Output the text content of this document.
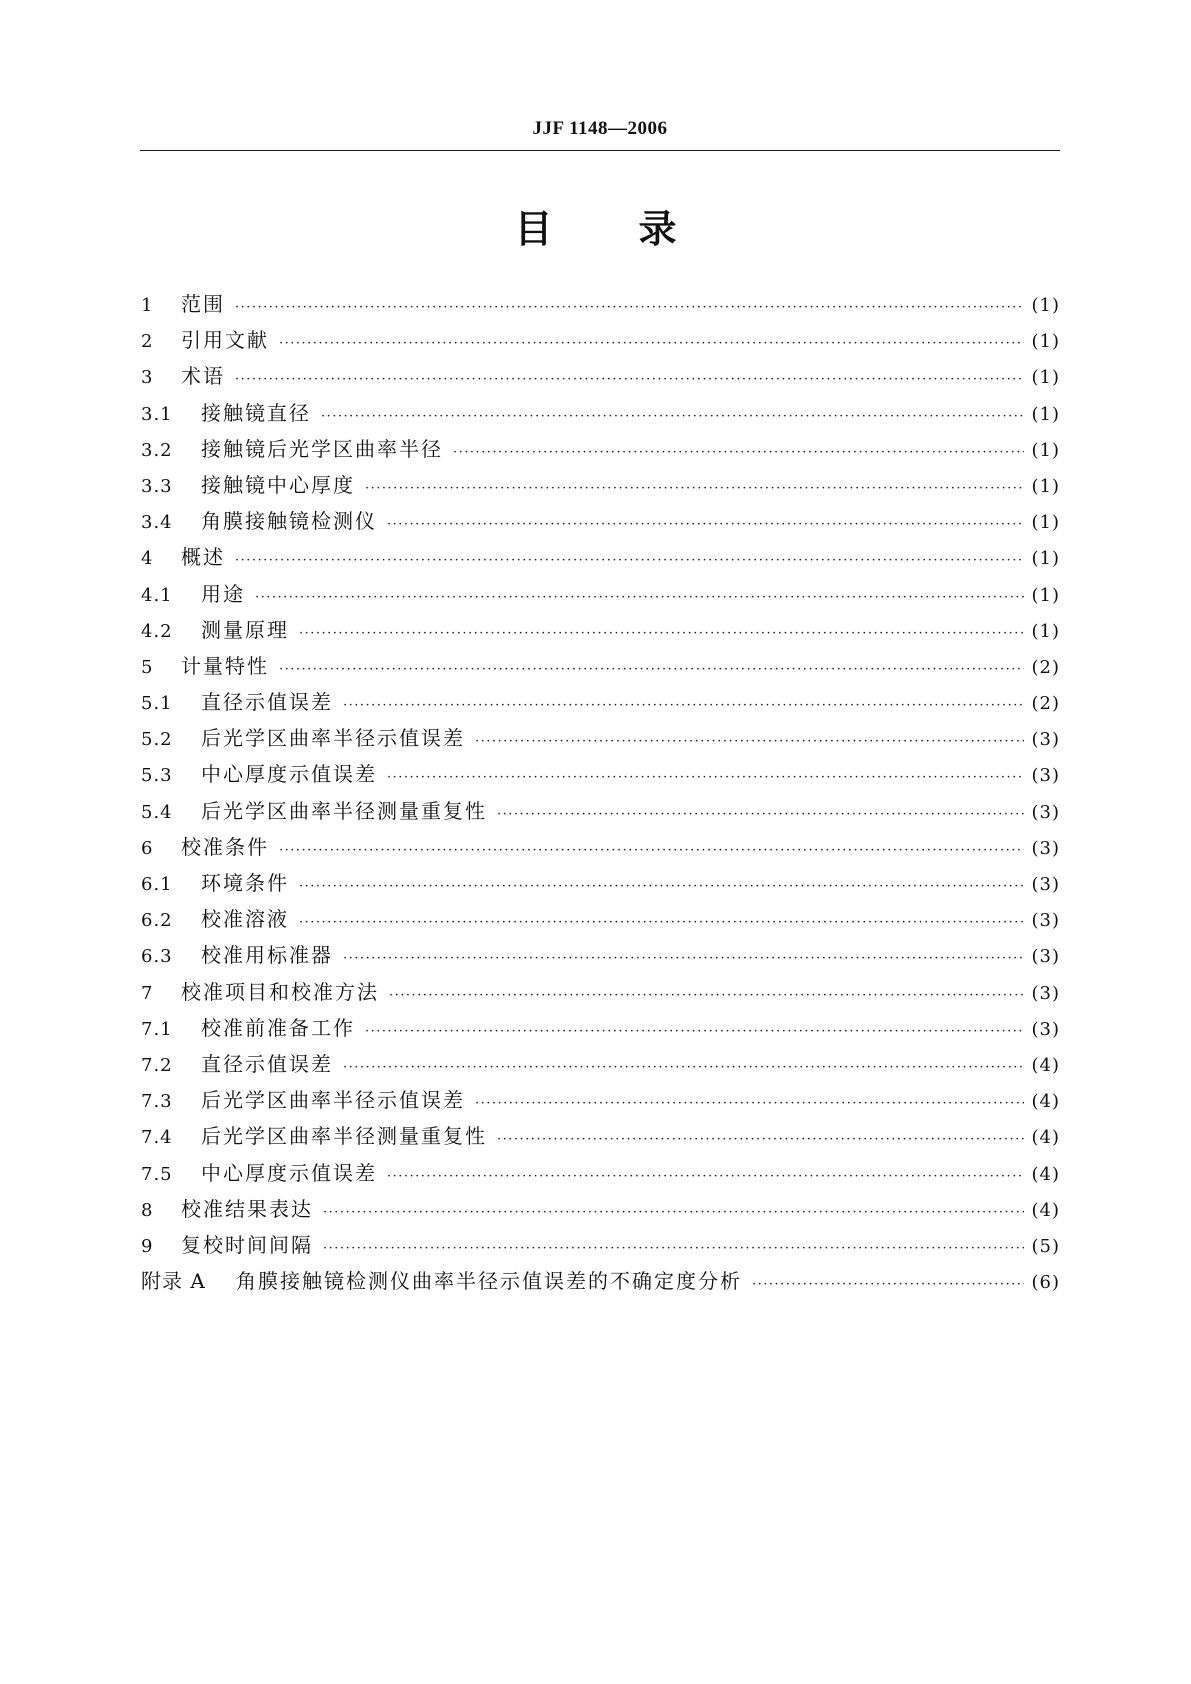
JJF 1148—2006
目 录
1	范围 ·····	(1)
2	引用文献 ·····	(1)
3	术语 ·····	(1)
3.1	接触镜直径 ·····	(1)
3.2	接触镜后光学区曲率半径 ·····	(1)
3.3	接触镜中心厚度 ·····	(1)
3.4	角膜接触镜检测仪 ·····	(1)
4	概述 ·····	(1)
4.1	用途 ·····	(1)
4.2	测量原理 ·····	(1)
5	计量特性 ·····	(2)
5.1	直径示值误差 ·····	(2)
5.2	后光学区曲率半径示值误差 ·····	(3)
5.3	中心厚度示值误差 ·····	(3)
5.4	后光学区曲率半径测量重复性 ·····	(3)
6	校准条件 ·····	(3)
6.1	环境条件 ·····	(3)
6.2	校准溶液 ·····	(3)
6.3	校准用标准器 ·····	(3)
7	校准项目和校准方法 ·····	(3)
7.1	校准前准备工作 ·····	(3)
7.2	直径示值误差 ·····	(4)
7.3	后光学区曲率半径示值误差 ·····	(4)
7.4	后光学区曲率半径测量重复性 ·····	(4)
7.5	中心厚度示值误差 ·····	(4)
8	校准结果表达 ·····	(4)
9	复校时间间隔 ·····	(5)
附录 A	角膜接触镜检测仪曲率半径示值误差的不确定度分析 ·····	(6)
